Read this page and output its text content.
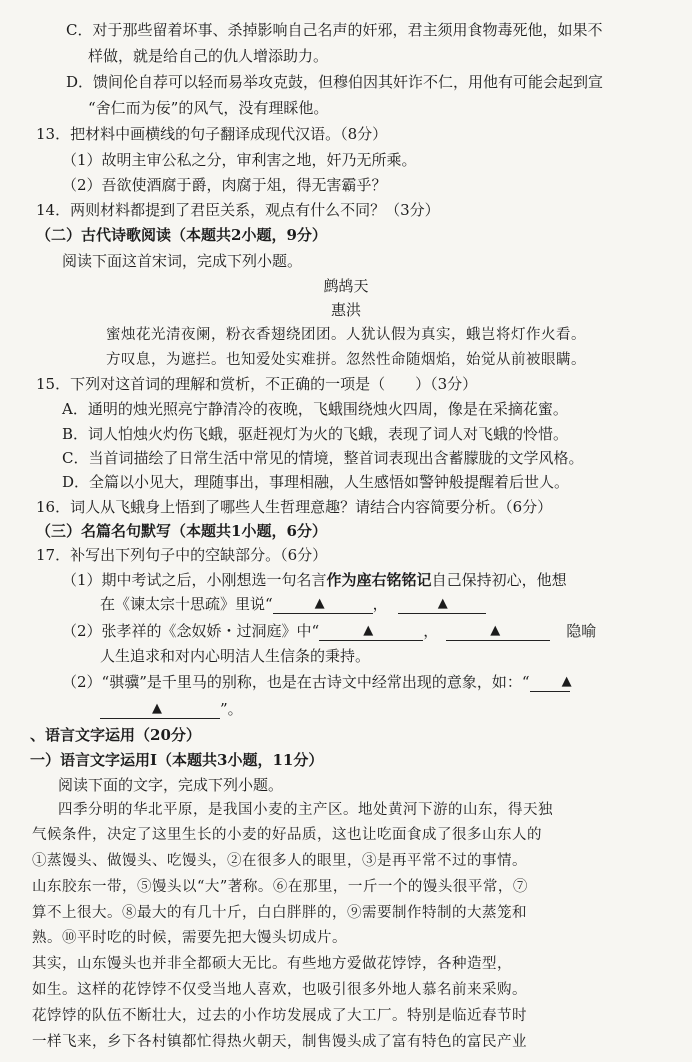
C．对于那些留着坏事、杀掉影响自己名声的奸邪，君主须用食物毒死他，如果不
样做，就是给自己的仇人增添助力。
D．馈间伦自荐可以轻而易举攻克鼓，但穆伯因其奸诈不仁，用他有可能会起到宣
“舍仁而为佞”的风气，没有理睬他。
13．把材料中画横线的句子翻译成现代汉语。（8分）
（1）故明主审公私之分，审利害之地，奸乃无所乘。
（2）吾欲使酒腐于爵，肉腐于俎，得无害霸乎？
14．两则材料都提到了君臣关系，观点有什么不同？（3分）
（二）古代诗歌阅读（本题共2小题，9分）
阅读下面这首宋词，完成下列小题。
鹧鸪天
惠洪
蜜烛花光清夜阑，粉衣香翅绕团团。人犹认假为真实，蛾岂将灯作火看。
方叹息，为遮拦。也知爱处实难拼。忽然性命随烟焰，始觉从前被眼瞒。
15．下列对这首词的理解和赏析，不正确的一项是（　　）（3分）
A．通明的烛光照亮宁静清冷的夜晚，飞蛾围绕烛火四周，像是在采摘花蜜。
B．词人怕烛火灼伤飞蛾，驱赶视灯为火的飞蛾，表现了词人对飞蛾的怜惜。
C．当首词描绘了日常生活中常见的情境，整首词表现出含蓄朦胧的文学风格。
D．全篇以小见大，理随事出，事理相融，人生感悟如警钟般提醒着后世人。
16．词人从飞蛾身上悟到了哪些人生哲理意趣？请结合内容简要分析。（6分）
（三）名篇名句默写（本题共1小题，6分）
17．补写出下列句子中的空缺部分。（6分）
（1）期中考试之后，小刚想选一句名言作为座右铭铭记自己保持初心，他想
在《谏太宗十思疏》里说“	▲	，	▲
（2）张孝祥的《念奴娇・过洞庭》中“	▲	，	▲	隐喻
人生追求和对内心明洁人生信条的秉持。
（2）“骐骥”是千里马的别称，也是在古诗文中经常出现的意象，如：“ ▲
▲	”。
、语言文字运用（20分）
一）语言文字运用Ⅰ（本题共3小题，11分）
阅读下面的文字，完成下列小题。
四季分明的华北平原，是我国小麦的主产区。地处黄河下游的山东，得天独
气候条件，决定了这里生长的小麦的好品质，这也让吃面食成了很多山东人的
①蒸馒头、做馒头、吃馒头，②在很多人的眼里，③是再平常不过的事情。
山东胶东一带，⑤馒头以“大”著称。⑥在那里，一斤一个的馒头很平常，⑦
算不上很大。⑧最大的有几十斤，白白胖胖的，⑨需要制作特制的大蒸笼和
熟。⑩平时吃的时候，需要先把大馒头切成片。
其实，山东馒头也并非全都硕大无比。有些地方爱做花饽饽，各种造型，
如生。这样的花饽饽不仅受当地人喜欢，也吸引很多外地人慕名前来采购。
花饽饽的队伍不断壮大，过去的小作坊发展成了大工厂。特别是临近春节时
一样飞来，乡下各村镇都忙得热火朝天，制售馒头成了富有特色的富民产业
